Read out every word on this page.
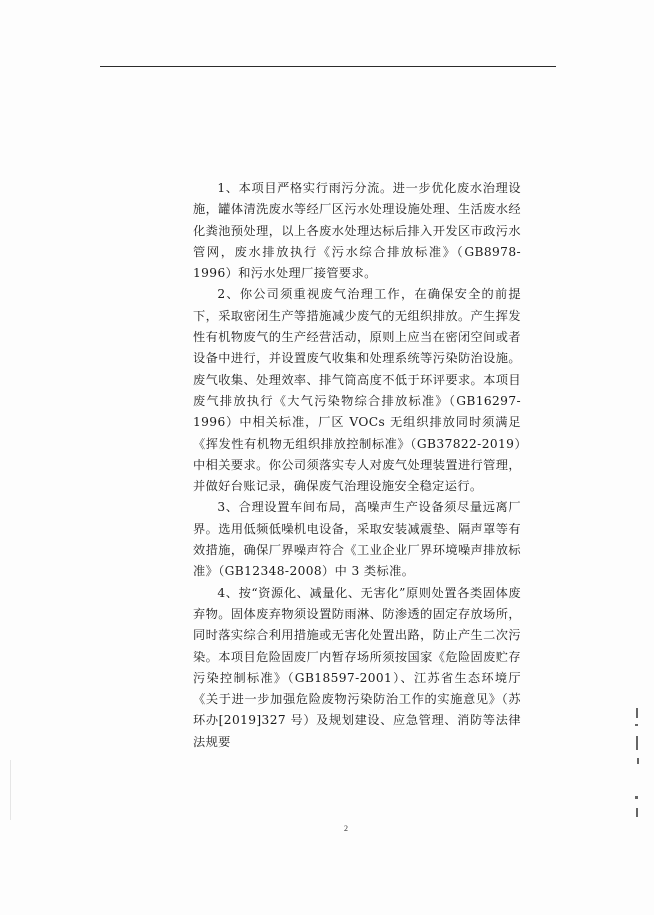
1、本项目严格实行雨污分流。进一步优化废水治理设施，罐体清洗废水等经厂区污水处理设施处理、生活废水经化粪池预处理，以上各废水处理达标后排入开发区市政污水管网，废水排放执行《污水综合排放标准》（GB8978-1996）和污水处理厂接管要求。

2、你公司须重视废气治理工作，在确保安全的前提下，采取密闭生产等措施减少废气的无组织排放。产生挥发性有机物废气的生产经营活动，原则上应当在密闭空间或者设备中进行，并设置废气收集和处理系统等污染防治设施。废气收集、处理效率、排气筒高度不低于环评要求。本项目废气排放执行《大气污染物综合排放标准》（GB16297-1996）中相关标准，厂区 VOCs 无组织排放同时须满足《挥发性有机物无组织排放控制标准》（GB37822-2019）中相关要求。你公司须落实专人对废气处理装置进行管理，并做好台账记录，确保废气治理设施安全稳定运行。

3、合理设置车间布局，高噪声生产设备须尽量远离厂界。选用低频低噪机电设备，采取安装减震垫、隔声罩等有效措施，确保厂界噪声符合《工业企业厂界环境噪声排放标准》（GB12348-2008）中 3 类标准。

4、按“资源化、减量化、无害化”原则处置各类固体废弃物。固体废弃物须设置防雨淋、防渗透的固定存放场所，同时落实综合利用措施或无害化处置出路，防止产生二次污染。本项目危险固废厂内暂存场所须按国家《危险固废贮存污染控制标准》（GB18597-2001）、江苏省生态环境厅《关于进一步加强危险废物污染防治工作的实施意见》（苏环办[2019]327 号）及规划建设、应急管理、消防等法律法规要

2
